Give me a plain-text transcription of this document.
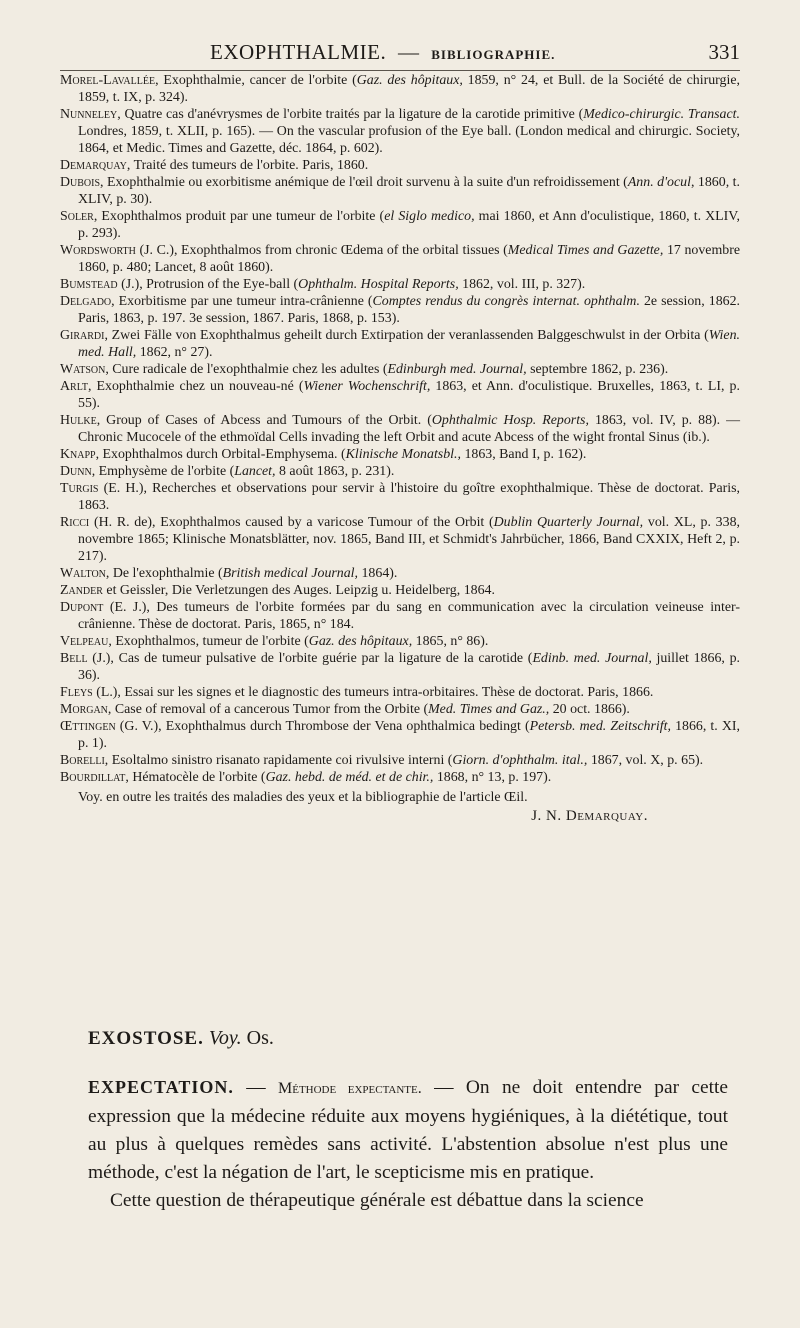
EXOPHTHALMIE. — BIBLIOGRAPHIE.	331

Morel-Lavallée, Exophthalmie, cancer de l'orbite (Gaz. des hôpitaux, 1859, n° 24, et Bull. de la Société de chirurgie, 1859, t. IX, p. 324).

Nunneley, Quatre cas d'anévrysmes de l'orbite traités par la ligature de la carotide primitive (Medico-chirurgic. Transact. Londres, 1859, t. XLII, p. 165). — On the vascular profusion of the Eye ball. (London medical and chirurgic. Society, 1864, et Medic. Times and Gazette, déc. 1864, p. 602).

Demarquay, Traité des tumeurs de l'orbite. Paris, 1860.

Dubois, Exophthalmie ou exorbitisme anémique de l'œil droit survenu à la suite d'un refroidissement (Ann. d'ocul, 1860, t. XLIV, p. 30).

Soler, Exophthalmos produit par une tumeur de l'orbite (el Siglo medico, mai 1860, et Ann d'oculistique, 1860, t. XLIV, p. 293).

Wordsworth (J. C.), Exophthalmos from chronic Œdema of the orbital tissues (Medical Times and Gazette, 17 novembre 1860, p. 480; Lancet, 8 août 1860).

Bumstead (J.), Protrusion of the Eye-ball (Ophthalm. Hospital Reports, 1862, vol. III, p. 327).

Delgado, Exorbitisme par une tumeur intra-crânienne (Comptes rendus du congrès internat. ophthalm. 2e session, 1862. Paris, 1863, p. 197. 3e session, 1867. Paris, 1868, p. 153).

Girardi, Zwei Fälle von Exophthalmus geheilt durch Extirpation der veranlassenden Balggeschwulst in der Orbita (Wien. med. Hall, 1862, n° 27).

Watson, Cure radicale de l'exophthalmie chez les adultes (Edinburgh med. Journal, septembre 1862, p. 236).

Arlt, Exophthalmie chez un nouveau-né (Wiener Wochenschrift, 1863, et Ann. d'oculistique. Bruxelles, 1863, t. LI, p. 55).

Hulke, Group of Cases of Abcess and Tumours of the Orbit. (Ophthalmic Hosp. Reports, 1863, vol. IV, p. 88). — Chronic Mucocele of the ethmoïdal Cells invading the left Orbit and acute Abcess of the wight frontal Sinus (ib.).

Knapp, Exophthalmos durch Orbital-Emphysema. (Klinische Monatsbl., 1863, Band I, p. 162).

Dunn, Emphysème de l'orbite (Lancet, 8 août 1863, p. 231).

Turgis (E. H.), Recherches et observations pour servir à l'histoire du goître exophthalmique. Thèse de doctorat. Paris, 1863.

Ricci (H. R. de), Exophthalmos caused by a varicose Tumour of the Orbit (Dublin Quarterly Journal, vol. XL, p. 338, novembre 1865; Klinische Monatsblätter, nov. 1865, Band III, et Schmidt's Jahrbücher, 1866, Band CXXIX, Heft 2, p. 217).

Walton, De l'exophthalmie (British medical Journal, 1864).

Zander et Geissler, Die Verletzungen des Auges. Leipzig u. Heidelberg, 1864.

Dupont (E. J.), Des tumeurs de l'orbite formées par du sang en communication avec la circulation veineuse inter-crânienne. Thèse de doctorat. Paris, 1865, n° 184.

Velpeau, Exophthalmos, tumeur de l'orbite (Gaz. des hôpitaux, 1865, n° 86).

Bell (J.), Cas de tumeur pulsative de l'orbite guérie par la ligature de la carotide (Edinb. med. Journal, juillet 1866, p. 36).

Fleys (L.), Essai sur les signes et le diagnostic des tumeurs intra-orbitaires. Thèse de doctorat. Paris, 1866.

Morgan, Case of removal of a cancerous Tumor from the Orbite (Med. Times and Gaz., 20 oct. 1866).

Œttingen (G. V.), Exophthalmus durch Thrombose der Vena ophthalmica bedingt (Petersb. med. Zeitschrift, 1866, t. XI, p. 1).

Borelli, Esoltalmo sinistro risanato rapidamente coi rivulsive interni (Giorn. d'ophthalm. ital., 1867, vol. X, p. 65).

Bourdillat, Hématocèle de l'orbite (Gaz. hebd. de méd. et de chir., 1868, n° 13, p. 197).

Voy. en outre les traités des maladies des yeux et la bibliographie de l'article Œil.

J. N. Demarquay.

EXOSTOSE. Voy. Os.

EXPECTATION. — Méthode expectante. — On ne doit entendre par cette expression que la médecine réduite aux moyens hygiéniques, à la diététique, tout au plus à quelques remèdes sans activité. L'abstention absolue n'est plus une méthode, c'est la négation de l'art, le scepticisme mis en pratique.

Cette question de thérapeutique générale est débattue dans la science
